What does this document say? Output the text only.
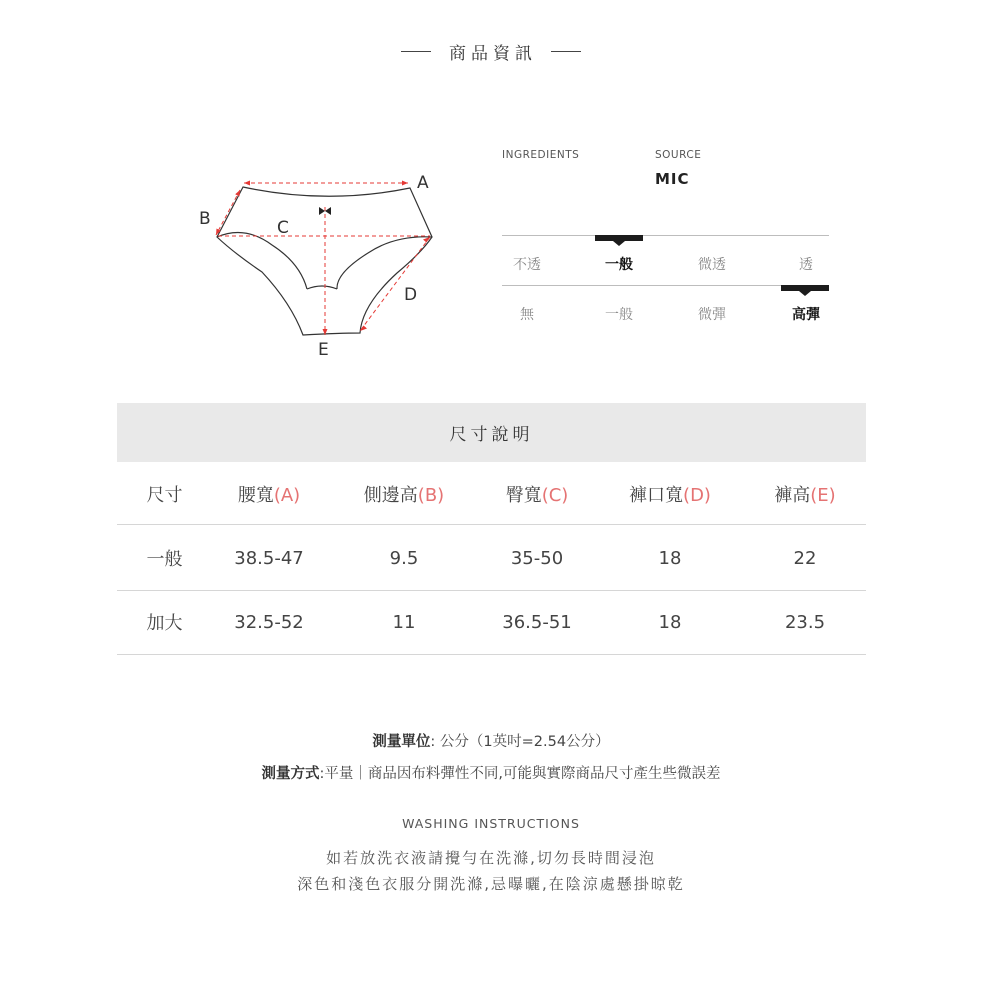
商品資訊
A
B	C
D
E
INGREDIENTS	SOURCE
MIC
不透	一般	微透	透
無	一般	微彈	高彈
尺寸說明
尺寸	腰寬(A)	側邊高(B)	臀寬(C)	褲口寬(D)	褲高(E)
一般	38.5-47	9.5	35-50	18	22
加大	32.5-52	11	36.5-51	18	23.5
測量單位: 公分（1英吋=2.54公分）
測量方式:平量｜商品因布料彈性不同,可能與實際商品尺寸產生些微誤差
WASHING INSTRUCTIONS
如若放洗衣液請攪勻在洗滌,切勿長時間浸泡
深色和淺色衣服分開洗滌,忌曝曬,在陰涼處懸掛晾乾
